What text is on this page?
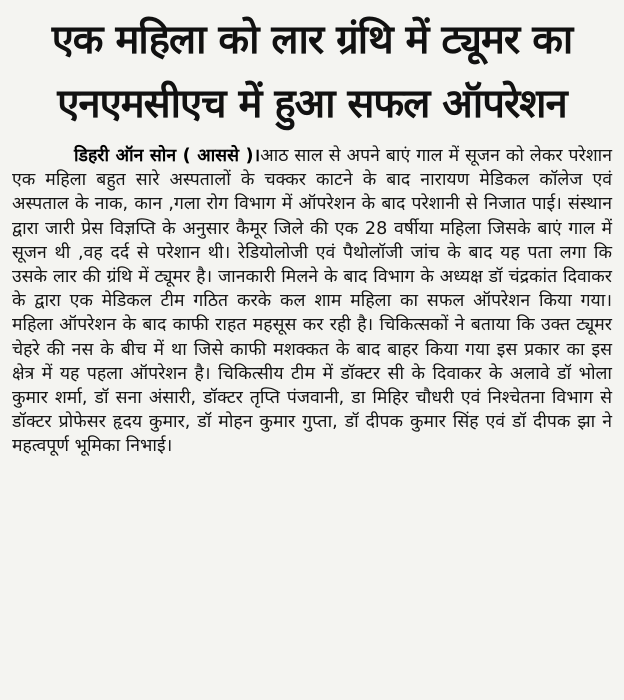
एक महिला को लार ग्रंथि में ट्यूमर का
एनएमसीएच में हुआ सफल ऑपरेशन

डिहरी ऑन सोन ( आससे )।आठ साल से अपने बाएं गाल में सूजन को लेकर परेशान एक महिला बहुत सारे अस्पतालों के चक्कर काटने के बाद नारायण मेडिकल कॉलेज एवं अस्पताल के नाक, कान ,गला रोग विभाग में ऑपरेशन के बाद परेशानी से निजात पाई। संस्थान द्वारा जारी प्रेस विज्ञप्ति के अनुसार कैमूर जिले की एक 28 वर्षीया महिला जिसके बाएं गाल में सूजन थी ,वह दर्द से परेशान थी। रेडियोलोजी एवं पैथोलॉजी जांच के बाद यह पता लगा कि उसके लार की ग्रंथि में ट्यूमर है। जानकारी मिलने के बाद विभाग के अध्यक्ष डॉ चंद्रकांत दिवाकर के द्वारा एक मेडिकल टीम गठित करके कल शाम महिला का सफल ऑपरेशन किया गया। महिला ऑपरेशन के बाद काफी राहत महसूस कर रही है। चिकित्सकों ने बताया कि उक्त ट्यूमर चेहरे की नस के बीच में था जिसे काफी मशक्कत के बाद बाहर किया गया इस प्रकार का इस क्षेत्र में यह पहला ऑपरेशन है। चिकित्सीय टीम में डॉक्टर सी के दिवाकर के अलावे डॉ भोला कुमार शर्मा, डॉ सना अंसारी, डॉक्टर तृप्ति पंजवानी, डा मिहिर चौधरी एवं निश्चेतना विभाग से डॉक्टर प्रोफेसर हृदय कुमार, डॉ मोहन कुमार गुप्ता, डॉ दीपक कुमार सिंह एवं डॉ दीपक झा ने महत्वपूर्ण भूमिका निभाई।
